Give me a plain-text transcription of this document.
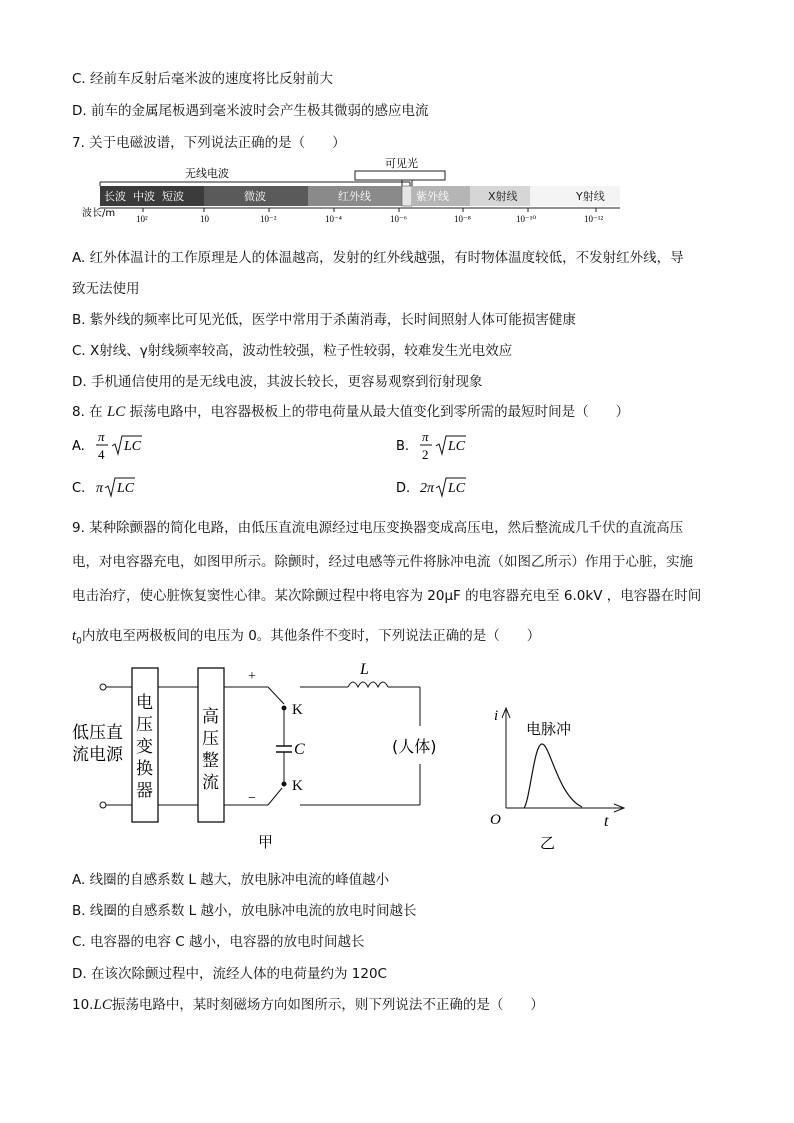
C. 经前车反射后毫米波的速度将比反射前大
D. 前车的金属尾板遇到毫米波时会产生极其微弱的感应电流
7. 关于电磁波谱，下列说法正确的是（　　）
无线电波
可见光
长波 中波 短波	微波	红外线	紫外线	X射线	Y射线
波长/m 10²	10	10⁻²	10⁻⁴	10⁻⁶	10⁻⁸	10⁻¹⁰	10⁻¹²
A. 红外体温计的工作原理是人的体温越高，发射的红外线越强，有时物体温度较低，不发射红外线，导
致无法使用
B. 紫外线的频率比可见光低，医学中常用于杀菌消毒，长时间照射人体可能损害健康
C. X射线、γ射线频率较高，波动性较强，粒子性较弱，较难发生光电效应
D. 手机通信使用的是无线电波，其波长较长，更容易观察到衍射现象
8. 在 LC 振荡电路中，电容器极板上的带电荷量从最大值变化到零所需的最短时间是（　　）
A.
π
4
LC	B.
π
2
LC
C. π LC	D. 2π LC
9. 某种除颤器的简化电路，由低压直流电源经过电压变换器变成高压电，然后整流成几千伏的直流高压
电，对电容器充电，如图甲所示。除颤时，经过电感等元件将脉冲电流（如图乙所示）作用于心脏，实施
电击治疗，使心脏恢复窦性心律。某次除颤过程中将电容为 20μF 的电容器充电至 6.0kV ，电容器在时间
$t_0$内放电至两极板间的电压为 0。其他条件不变时，下列说法正确的是（　　）
低压直
流电源
电
压
变
换
器
高
压
整
流
+
K
C
K
−
L
(人体)
甲
i
t
O
电脉冲
乙
A. 线圈的自感系数 L 越大，放电脉冲电流的峰值越小
B. 线圈的自感系数 L 越小，放电脉冲电流的放电时间越长
C. 电容器的电容 C 越小，电容器的放电时间越长
D. 在该次除颤过程中，流经人体的电荷量约为 120C
10.LC振荡电路中，某时刻磁场方向如图所示，则下列说法不正确的是（　　）
